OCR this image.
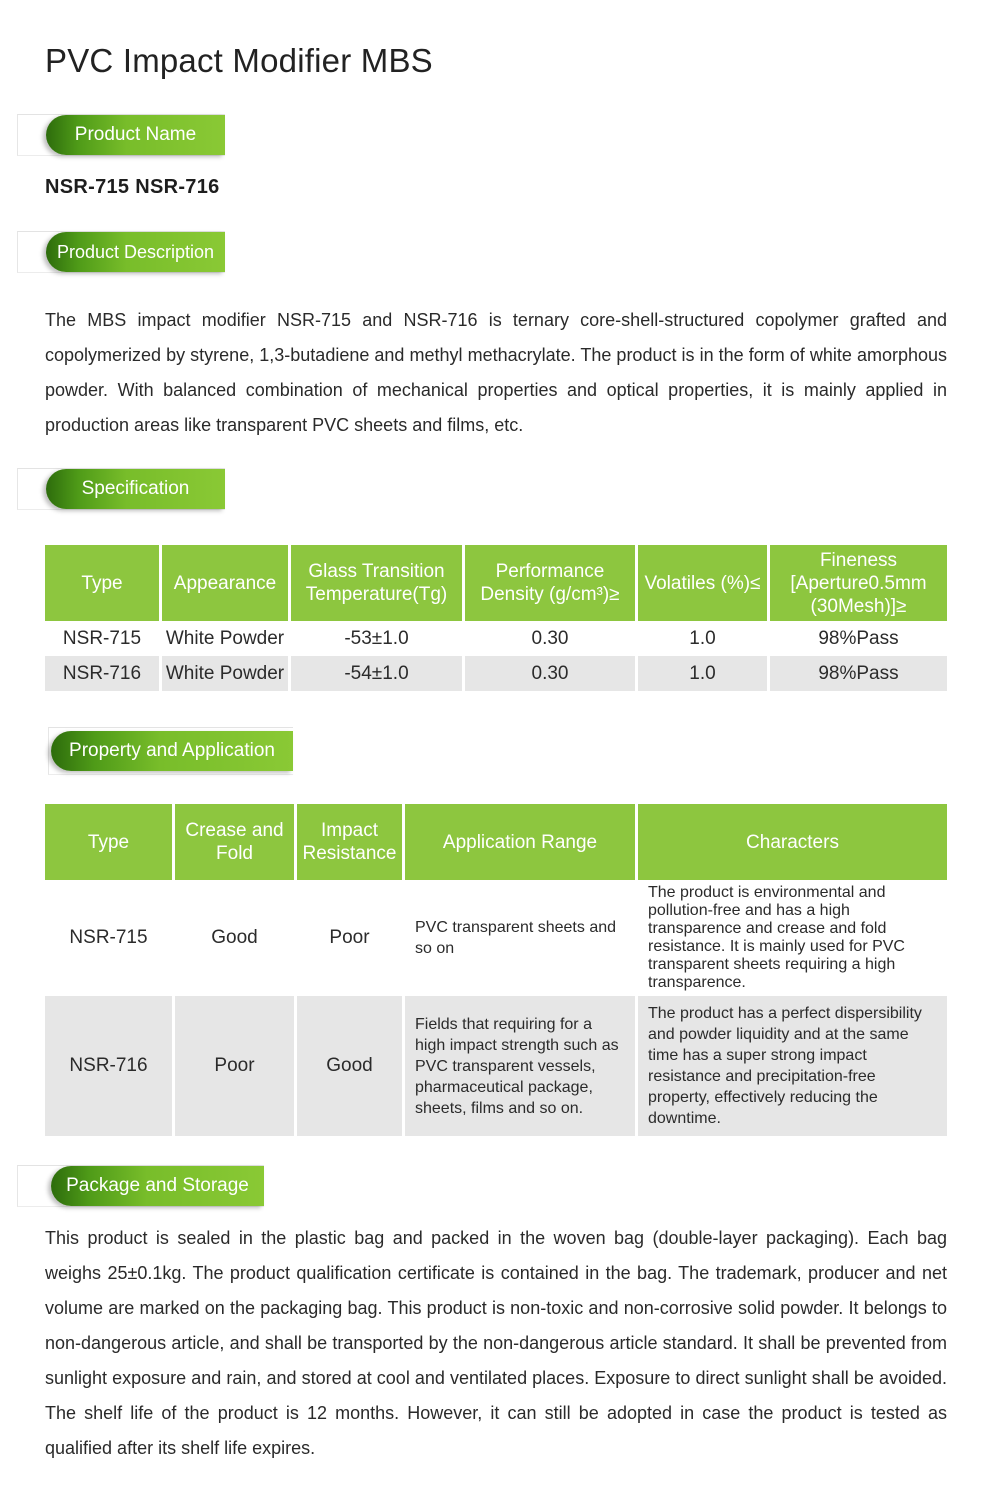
PVC Impact Modifier MBS
Product Name
NSR-715 NSR-716
Product Description

The MBS impact modifier NSR-715 and NSR-716 is ternary core-shell-structured copolymer grafted and copolymerized by styrene, 1,3-butadiene and methyl methacrylate. The product is in the form of white amorphous powder. With balanced combination of mechanical properties and optical properties, it is mainly applied in production areas like transparent PVC sheets and films, etc.

Specification
Type	Appearance	Glass Transition Temperature(Tg)	Performance Density (g/cm³)≥	Volatiles (%)≤	Fineness [Aperture0.5mm (30Mesh)]≥
NSR-715	White Powder	-53±1.0	0.30	1.0	98%Pass
NSR-716	White Powder	-54±1.0	0.30	1.0	98%Pass
Property and Application
Type	Crease and Fold	Impact Resistance	Application Range	Characters
NSR-715	Good	Poor	PVC transparent sheets and so on	The product is environmental and pollution-free and has a high transparence and crease and fold resistance. It is mainly used for PVC transparent sheets requiring a high transparence.
NSR-716	Poor	Good	Fields that requiring for a high impact strength such as PVC transparent vessels, pharmaceutical package, sheets, films and so on.	The product has a perfect dispersibility and powder liquidity and at the same time has a super strong impact resistance and precipitation-free property, effectively reducing the downtime.
Package and Storage

This product is sealed in the plastic bag and packed in the woven bag (double-layer packaging). Each bag weighs 25±0.1kg. The product qualification certificate is contained in the bag. The trademark, producer and net volume are marked on the packaging bag. This product is non-toxic and non-corrosive solid powder. It belongs to non-dangerous article, and shall be transported by the non-dangerous article standard. It shall be prevented from sunlight exposure and rain, and stored at cool and ventilated places. Exposure to direct sunlight shall be avoided. The shelf life of the product is 12 months. However, it can still be adopted in case the product is tested as qualified after its shelf life expires.
